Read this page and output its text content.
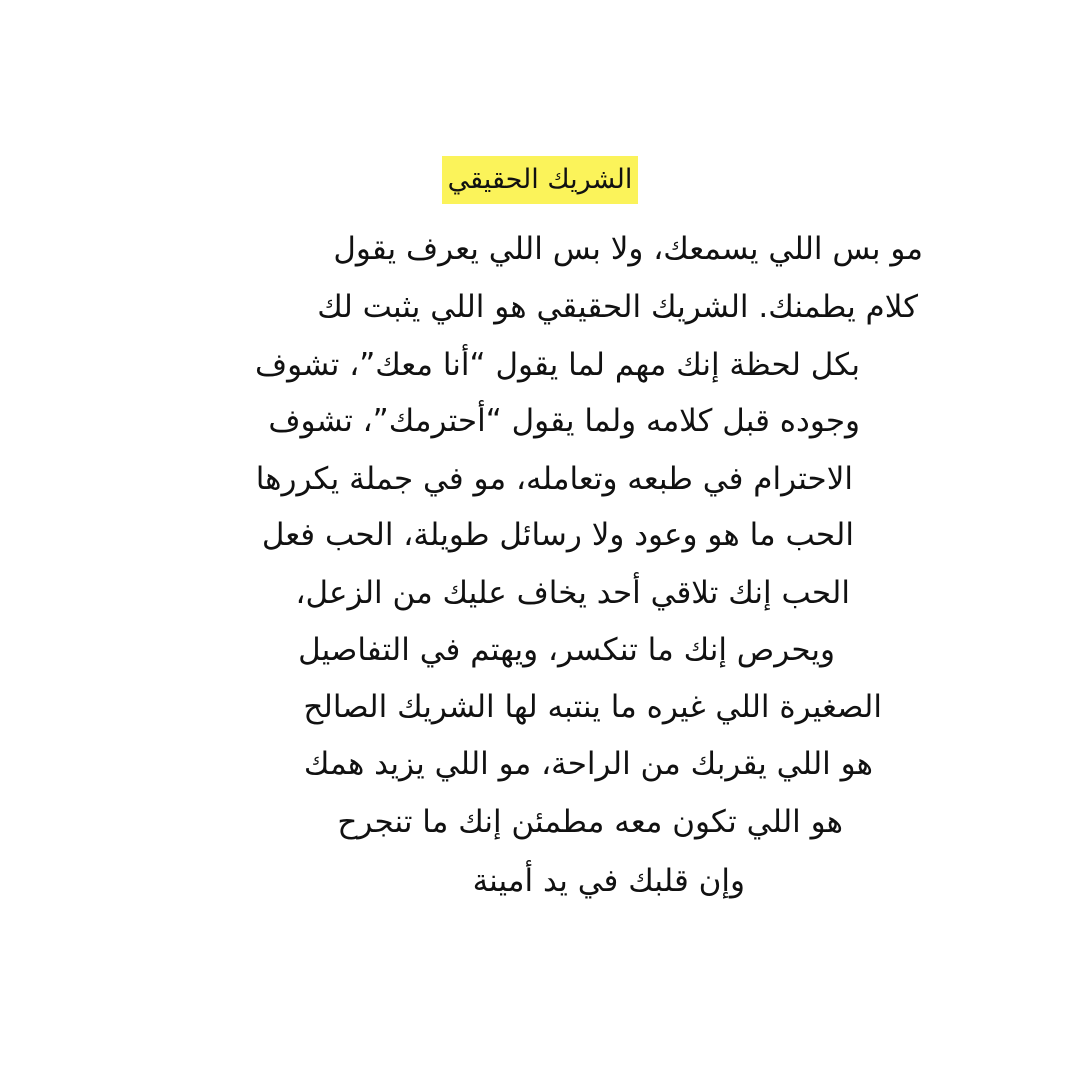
الشريك الحقيقي
مو بس اللي يسمعك، ولا بس اللي يعرف يقول
كلام يطمنك. الشريك الحقيقي هو اللي يثبت لك
بكل لحظة إنك مهم لما يقول “أنا معك”، تشوف
وجوده قبل كلامه ولما يقول “أحترمك”، تشوف
الاحترام في طبعه وتعامله، مو في جملة يكررها
الحب ما هو وعود ولا رسائل طويلة، الحب فعل
الحب إنك تلاقي أحد يخاف عليك من الزعل،
ويحرص إنك ما تنكسر، ويهتم في التفاصيل
الصغيرة اللي غيره ما ينتبه لها الشريك الصالح
هو اللي يقربك من الراحة، مو اللي يزيد همك
هو اللي تكون معه مطمئن إنك ما تنجرح
وإن قلبك في يد أمينة
